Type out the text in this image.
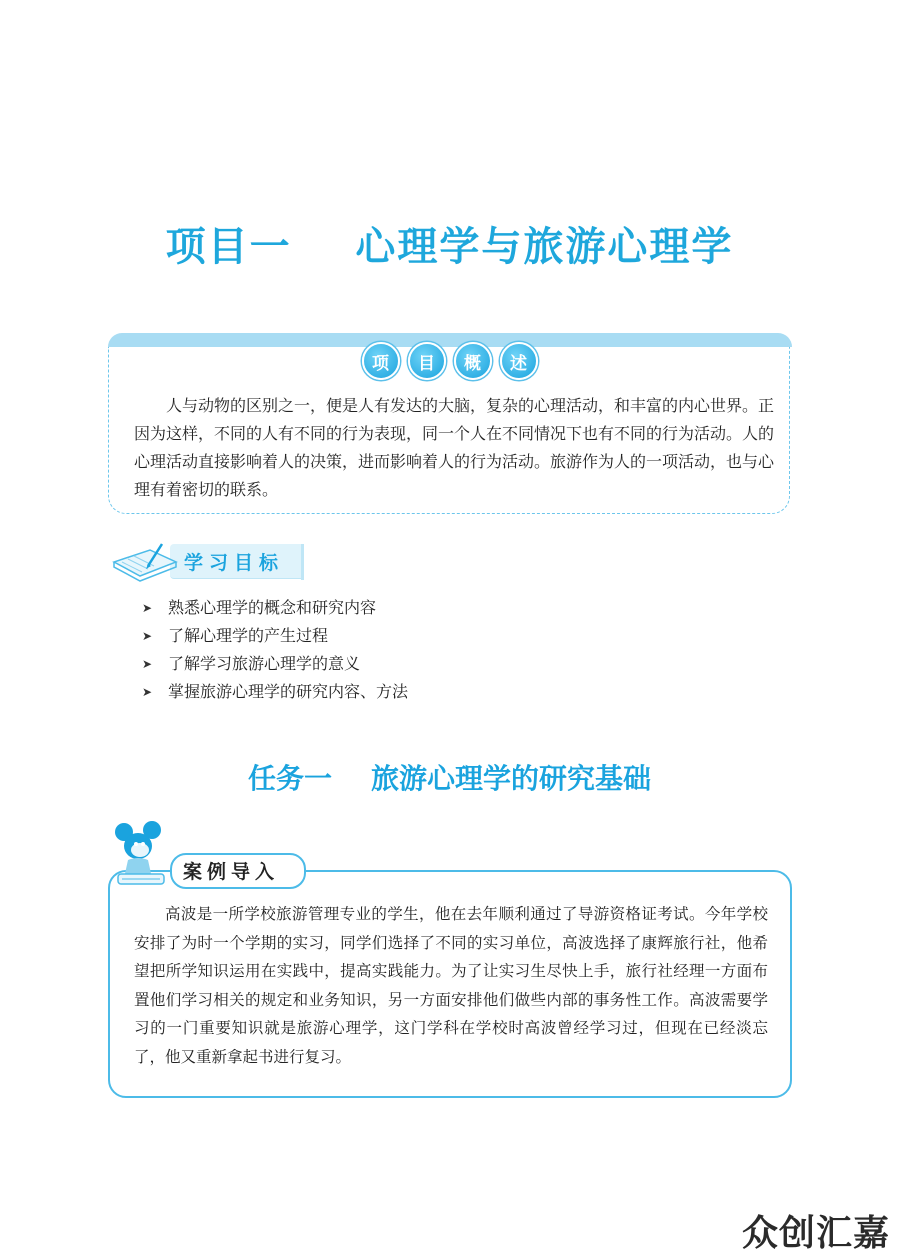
项目一    心理学与旅游心理学
项	目	概	述
人与动物的区别之一，便是人有发达的大脑，复杂的心理活动，和丰富的内心世界。正因为这样，不同的人有不同的行为表现，同一个人在不同情况下也有不同的行为活动。人的心理活动直接影响着人的决策，进而影响着人的行为活动。旅游作为人的一项活动，也与心理有着密切的联系。
学习目标
➤ 熟悉心理学的概念和研究内容
➤ 了解心理学的产生过程
➤ 了解学习旅游心理学的意义
➤ 掌握旅游心理学的研究内容、方法
任务一    旅游心理学的研究基础
案例导入
高波是一所学校旅游管理专业的学生，他在去年顺利通过了导游资格证考试。今年学校安排了为时一个学期的实习，同学们选择了不同的实习单位，高波选择了康辉旅行社，他希望把所学知识运用在实践中，提高实践能力。为了让实习生尽快上手，旅行社经理一方面布置他们学习相关的规定和业务知识，另一方面安排他们做些内部的事务性工作。高波需要学习的一门重要知识就是旅游心理学，这门学科在学校时高波曾经学习过，但现在已经淡忘了，他又重新拿起书进行复习。
众创汇嘉
